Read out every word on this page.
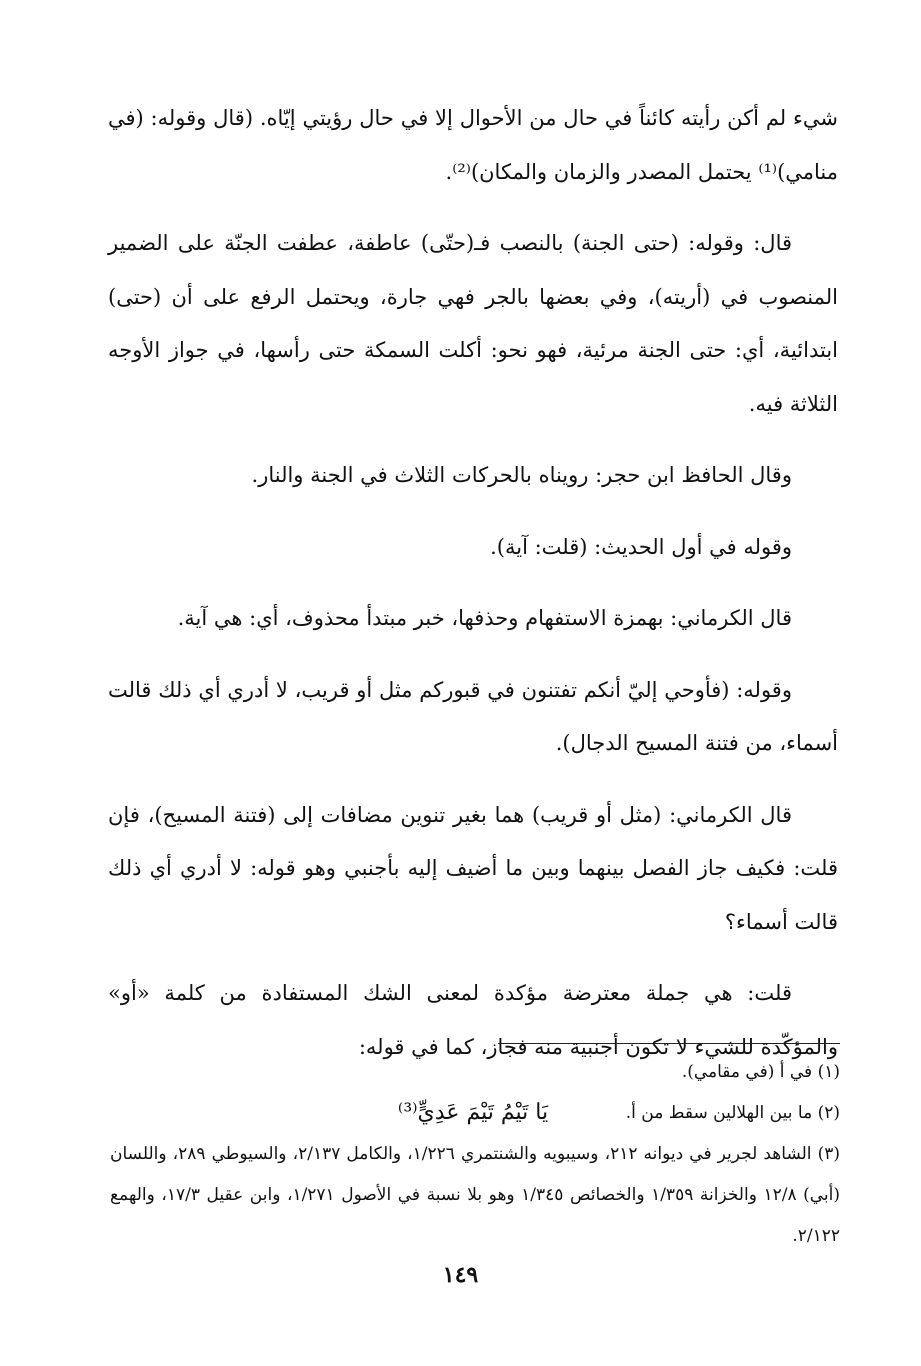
شيء لم أكن رأيته كائناً في حال من الأحوال إلا في حال رؤيتي إيّاه. (قال وقوله: (في منامي)⁽¹⁾ يحتمل المصدر والزمان والمكان)⁽²⁾.

قال: وقوله: (حتى الجنة) بالنصب فـ(حتّى) عاطفة، عطفت الجنّة على الضمير المنصوب في (أريته)، وفي بعضها بالجر فهي جارة، ويحتمل الرفع على أن (حتى) ابتدائية، أي: حتى الجنة مرئية، فهو نحو: أكلت السمكة حتى رأسها، في جواز الأوجه الثلاثة فيه.

وقال الحافظ ابن حجر: رويناه بالحركات الثلاث في الجنة والنار.

وقوله في أول الحديث: (قلت: آية).

قال الكرماني: بهمزة الاستفهام وحذفها، خبر مبتدأ محذوف، أي: هي آية.

وقوله: (فأوحي إليّ أنكم تفتنون في قبوركم مثل أو قريب، لا أدري أي ذلك قالت أسماء، من فتنة المسيح الدجال).

قال الكرماني: (مثل أو قريب) هما بغير تنوين مضافات إلى (فتنة المسيح)، فإن قلت: فكيف جاز الفصل بينهما وبين ما أضيف إليه بأجنبي وهو قوله: لا أدري أي ذلك قالت أسماء؟

قلت: هي جملة معترضة مؤكدة لمعنى الشك المستفادة من كلمة «أو» والمؤكّدة للشيء لا تكون أجنبية منه فجاز، كما في قوله:

يَا تَيْمُ تَيْمَ عَدِيٍّ⁽³⁾

(١) في أ (في مقامي).

(٢) ما بين الهلالين سقط من أ.

(٣) الشاهد لجرير في ديوانه ٢١٢، وسيبويه والشنتمري ١/٢٢٦، والكامل ٢/١٣٧، والسيوطي ٢٨٩، واللسان (أبي) ١٢/٨ والخزانة ١/٣٥٩ والخصائص ١/٣٤٥ وهو بلا نسبة في الأصول ١/٢٧١، وابن عقيل ١٧/٣، والهمع ٢/١٢٢.

١٤٩
